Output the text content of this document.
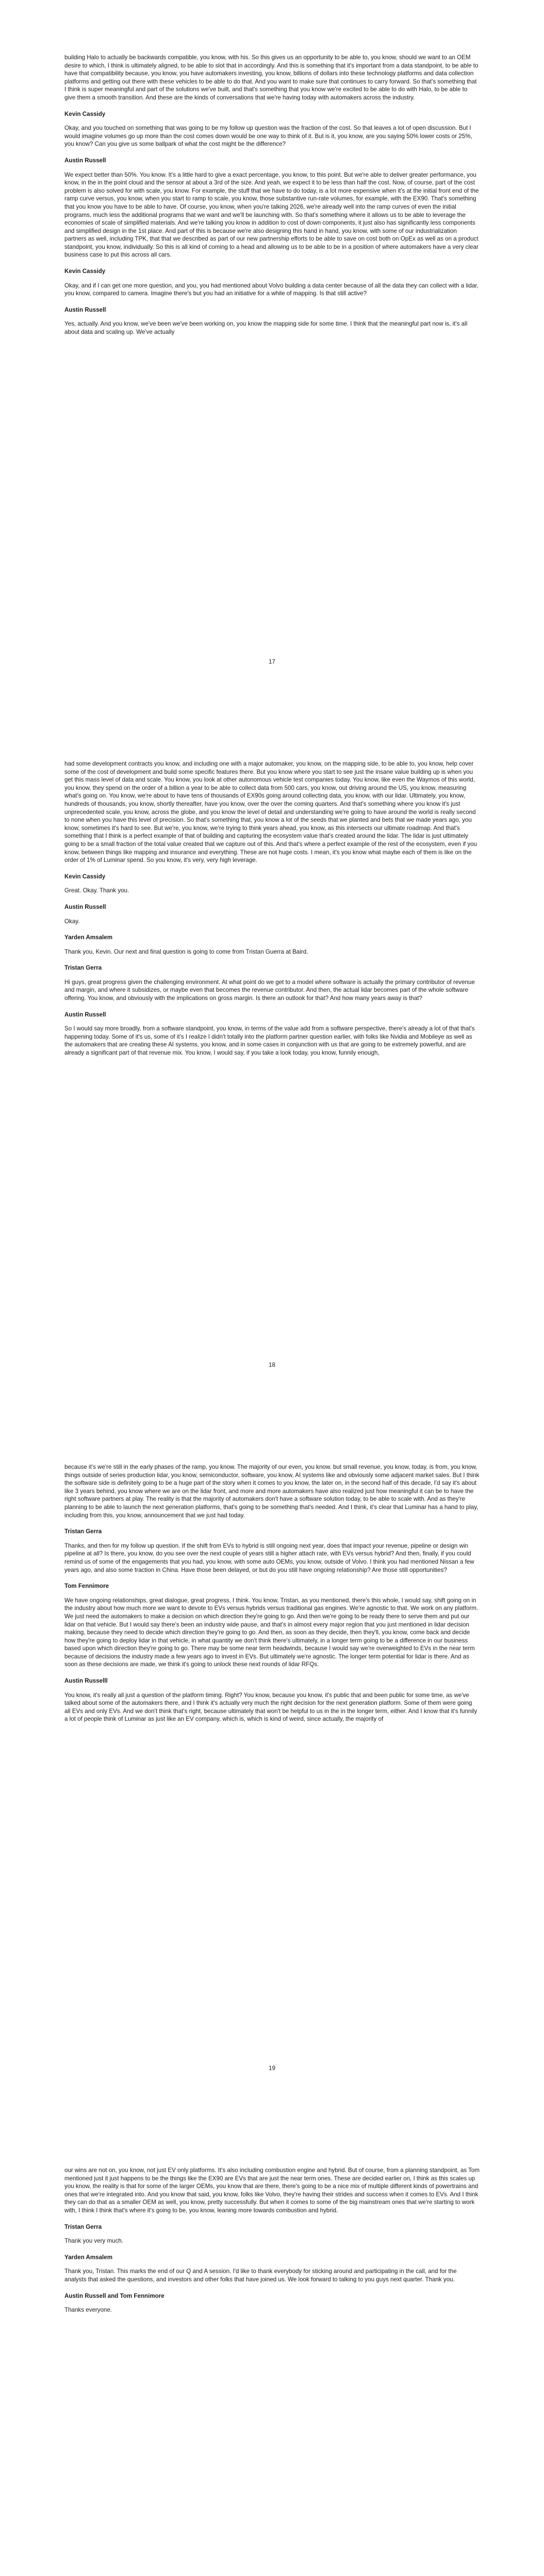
building Halo to actually be backwards compatible, you know, with his. So this gives us an opportunity to be able to, you know, should we want to an OEM desire to which, I think is ultimately aligned, to be able to slot that in accordingly. And this is something that it's important from a data standpoint, to be able to have that compatibility because, you know, you have automakers investing, you know, billions of dollars into these technology platforms and data collection platforms and getting out there with these vehicles to be able to do that. And you want to make sure that continues to carry forward. So that's something that I think is super meaningful and part of the solutions we've built, and that's something that you know we're excited to be able to do with Halo, to be able to give them a smooth transition. And these are the kinds of conversations that we're having today with automakers across the industry.

Kevin Cassidy

Okay, and you touched on something that was going to be my follow up question was the fraction of the cost. So that leaves a lot of open discussion. But I would imagine volumes go up more than the cost comes down would be one way to think of it. But is it, you know, are you saying 50% lower costs or 25%, you know? Can you give us some ballpark of what the cost might be the difference?

Austin Russell

We expect better than 50%. You know. It's a little hard to give a exact percentage, you know, to this point. But we're able to deliver greater performance, you know, in the in the point cloud and the sensor at about a 3rd of the size. And yeah, we expect it to be less than half the cost. Now, of course, part of the cost problem is also solved for with scale, you know. For example, the stuff that we have to do today, is a lot more expensive when it's at the initial front end of the ramp curve versus, you know, when you start to ramp to scale, you know, those substantive run-rate volumes, for example, with the EX90. That's something that you know you have to be able to have. Of course, you know, when you're talking 2026, we're already well into the ramp curves of even the initial programs, much less the additional programs that we want and we'll be launching with. So that's something where it allows us to be able to leverage the economies of scale of simplified materials. And we're talking you know in addition to cost of down components, it just also has significantly less components and simplified design in the 1st place. And part of this is because we're also designing this hand in hand, you know, with some of our industrialization partners as well, including TPK, that that we described as part of our new partnership efforts to be able to save on cost both on OpEx as well as on a product standpoint, you know, individually. So this is all kind of coming to a head and allowing us to be able to be in a position of where automakers have a very clear business case to put this across all cars.

Kevin Cassidy

Okay, and if I can get one more question, and you, you had mentioned about Volvo building a data center because of all the data they can collect with a lidar, you know, compared to camera. Imagine there's but you had an initiative for a while of mapping. Is that still active?

Austin Russell

Yes, actually. And you know, we've been we've been working on, you know the mapping side for some time. I think that the meaningful part now is, it's all about data and scaling up. We've actually

17

had some development contracts you know, and including one with a major automaker, you know, on the mapping side, to be able to, you know, help cover some of the cost of development and build some specific features there. But you know where you start to see just the insane value building up is when you get this mass level of data and scale. You know, you look at other autonomous vehicle test companies today. You know, like even the Waymos of this world, you know, they spend on the order of a billion a year to be able to collect data from 500 cars, you know, out driving around the US, you know, measuring what's going on. You know, we're about to have tens of thousands of EX90s going around collecting data, you know, with our lidar. Ultimately, you know, hundreds of thousands, you know, shortly thereafter, have you know, over the over the coming quarters. And that's something where you know it's just unprecedented scale, you know, across the globe, and you know the level of detail and understanding we're going to have around the world is really second to none when you have this level of precision. So that's something that, you know a lot of the seeds that we planted and bets that we made years ago, you know, sometimes it's hard to see. But we're, you know, we're trying to think years ahead, you know, as this intersects our ultimate roadmap. And that's something that I think is a perfect example of that of building and capturing the ecosystem value that's created around the lidar. The lidar is just ultimately going to be a small fraction of the total value created that we capture out of this. And that's where a perfect example of the rest of the ecosystem, even if you know, between things like mapping and insurance and everything. These are not huge costs. I mean, it's you know what maybe each of them is like on the order of 1% of Luminar spend. So you know, it's very, very high leverage.

Kevin Cassidy

Great. Okay. Thank you.

Austin Russell

Okay.

Yarden Amsalem

Thank you, Kevin. Our next and final question is going to come from Tristan Guerra at Baird.

Tristan Gerra

Hi guys, great progress given the challenging environment. At what point do we get to a model where software is actually the primary contributor of revenue and margin, and where it subsidizes, or maybe even that becomes the revenue contributor. And then, the actual lidar becomes part of the whole software offering. You know, and obviously with the implications on gross margin. Is there an outlook for that? And how many years away is that?

Austin Russell

So I would say more broadly, from a software standpoint, you know, in terms of the value add from a software perspective, there's already a lot of that that's happening today. Some of it's us, some of it's I realize I didn't totally into the platform partner question earlier, with folks like Nvidia and Mobileye as well as the automakers that are creating these AI systems, you know, and in some cases in conjunction with us that are going to be extremely powerful, and are already a significant part of that revenue mix. You know, I would say, if you take a look today, you know, funnily enough,

18

because it's we're still in the early phases of the ramp, you know. The majority of our even, you know. but small revenue, you know, today, is from, you know, things outside of series production lidar, you know, semiconductor, software, you know, AI systems like and obviously some adjacent market sales. But I think the software side is definitely going to be a huge part of the story when it comes to you know, the later on, in the second half of this decade, I'd say it's about like 3 years behind, you know where we are on the lidar front, and more and more automakers have also realized just how meaningful it can be to have the right software partners at play. The reality is that the majority of automakers don't have a software solution today, to be able to scale with. And as they're planning to be able to launch the next generation platforms, that's going to be something that's needed. And I think, it's clear that Luminar has a hand to play, including from this, you know, announcement that we just had today.

Tristan Gerra

Thanks, and then for my follow up question. If the shift from EVs to hybrid is still ongoing next year, does that impact your revenue, pipeline or design win pipeline at all? Is there, you know, do you see over the next couple of years still a higher attach rate, with EVs versus hybrid? And then, finally, if you could remind us of some of the engagements that you had, you know, with some auto OEMs, you know, outside of Volvo. I think you had mentioned Nissan a few years ago, and also some traction in China. Have those been delayed, or but do you still have ongoing relationship? Are those still opportunities?

Tom Fennimore

We have ongoing relationships, great dialogue, great progress, I think. You know, Tristan, as you mentioned, there's this whole, I would say, shift going on in the industry about how much more we want to devote to EVs versus hybrids versus traditional gas engines. We're agnostic to that. We work on any platform. We just need the automakers to make a decision on which direction they're going to go. And then we're going to be ready there to serve them and put our lidar on that vehicle. But I would say there's been an industry wide pause, and that's in almost every major region that you just mentioned in lidar decision making, because they need to decide which direction they're going to go. And then, as soon as they decide, then they'll, you know, come back and decide how they're going to deploy lidar in that vehicle, in what quantity we don't think there's ultimately, in a longer term going to be a difference in our business based upon which direction they're going to go. There may be some near term headwinds, because I would say we're overweighted to EVs in the near term because of decisions the industry made a few years ago to invest in EVs. But ultimately we're agnostic. The longer term potential for lidar is there. And as soon as these decisions are made, we think it's going to unlock these next rounds of lidar RFQs.

Austin Russelll

You know, it's really all just a question of the platform timing. Right? You know, because you know, it's public that and been public for some time, as we've talked about some of the automakers there, and I think it's actually very much the right decision for the next generation platform. Some of them were going all EVs and only EVs. And we don't think that's right, because ultimately that won't be helpful to us in the in the longer term, either. And I know that it's funnily a lot of people think of Luminar as just like an EV company, which is, which is kind of weird, since actually, the majority of

19

our wins are not on, you know, not just EV only platforms. It's also including combustion engine and hybrid. But of course, from a planning standpoint, as Tom mentioned just it just happens to be the things like the EX90 are EVs that are just the near term ones. These are decided earlier on, I think as this scales up you know, the reality is that for some of the larger OEMs, you know that are there, there's going to be a nice mix of multiple different kinds of powertrains and ones that we're integrated into. And you know that said, you know, folks like Volvo, they're having their strides and success when it comes to EVs. And I think they can do that as a smaller OEM as well, you know, pretty successfully. But when it comes to some of the big mainstream ones that we're starting to work with, I think I think that's where it's going to be, you know, leaning more towards combustion and hybrid.

Tristan Gerra

Thank you very much.

Yarden Amsalem

Thank you, Tristan. This marks the end of our Q and A session. I'd like to thank everybody for sticking around and participating in the call, and for the analysts that asked the questions, and investors and other folks that have joined us. We look forward to talking to you guys next quarter. Thank you.

Austin Russell and Tom Fennimore

Thanks everyone.
